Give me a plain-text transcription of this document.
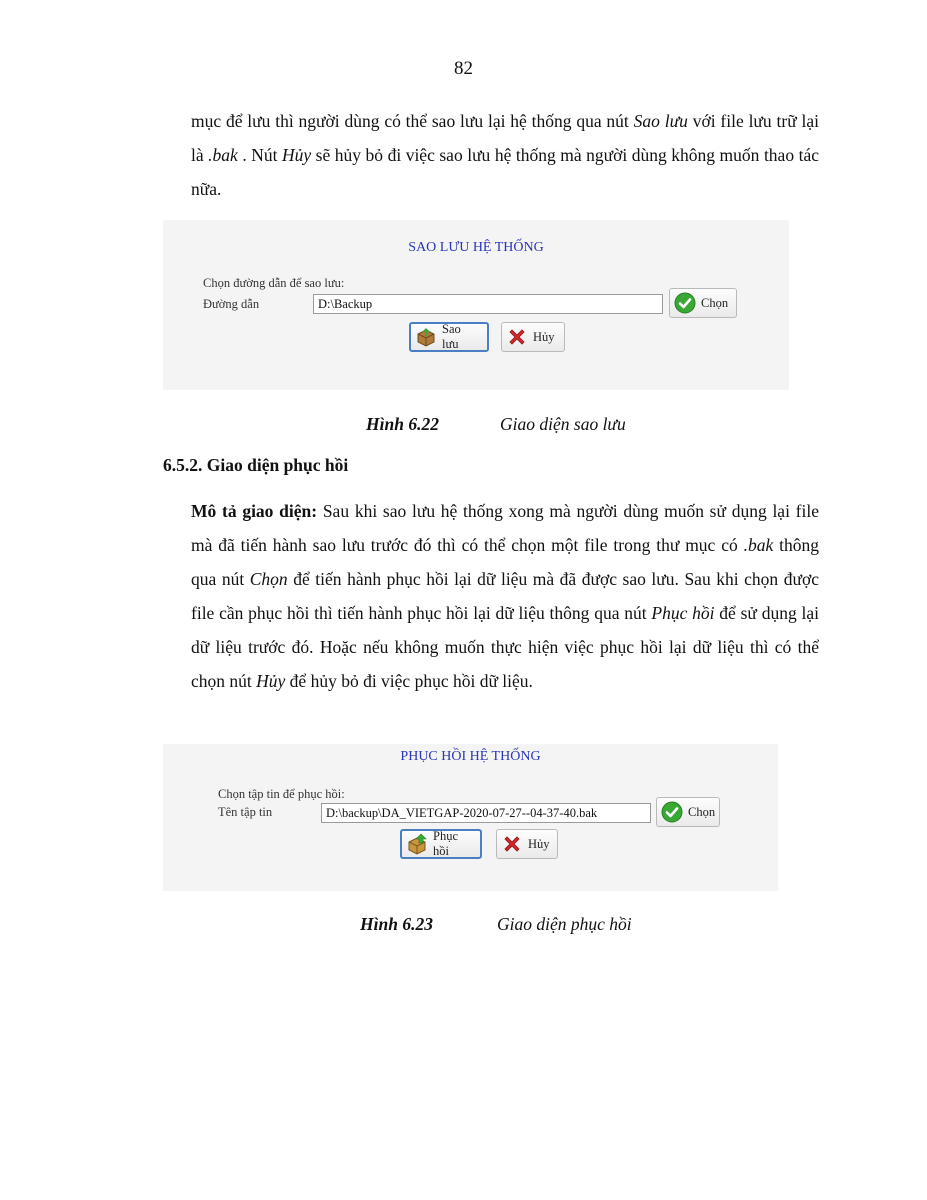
82

mục để lưu thì người dùng có thể sao lưu lại hệ thống qua nút Sao lưu với file lưu trữ lại là .bak . Nút Hủy sẽ hủy bỏ đi việc sao lưu hệ thống mà người dùng không muốn thao tác nữa.

SAO LƯU HỆ THỐNG
Chọn đường dẫn để sao lưu:
Đường dẫn	D:\Backup	Chọn
Sao lưu
Hủy
Hình 6.22	Giao diện sao lưu
6.5.2. Giao diện phục hồi

Mô tả giao diện: Sau khi sao lưu hệ thống xong mà người dùng muốn sử dụng lại file mà đã tiến hành sao lưu trước đó thì có thể chọn một file trong thư mục có .bak thông qua nút Chọn để tiến hành phục hồi lại dữ liệu mà đã được sao lưu. Sau khi chọn được file cần phục hồi thì tiến hành phục hồi lại dữ liệu thông qua nút Phục hồi để sử dụng lại dữ liệu trước đó. Hoặc nếu không muốn thực hiện việc phục hồi lại dữ liệu thì có thể chọn nút Hủy để hủy bỏ đi việc phục hồi dữ liệu.

PHỤC HỒI HỆ THỐNG
Chọn tập tin để phục hồi:
Tên tập tin	D:\backup\DA_VIETGAP-2020-07-27--04-37-40.bak	Chọn
Phục hồi
Hủy
Hình 6.23	Giao diện phục hồi
